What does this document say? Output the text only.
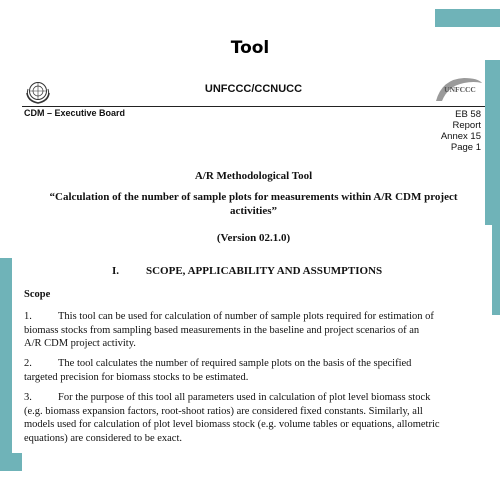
Tool
UNFCCC/CCNUCC	UNFCCC
CDM – Executive Board	EB 58
Report
Annex 15
Page 1
A/R Methodological Tool
“Calculation of the number of sample plots for measurements within A/R CDM project
activities”
(Version 02.1.0)
I. SCOPE, APPLICABILITY AND ASSUMPTIONS
Scope
1. This tool can be used for calculation of number of sample plots required for estimation of
biomass stocks from sampling based measurements in the baseline and project scenarios of an
A/R CDM project activity.
2. The tool calculates the number of required sample plots on the basis of the specified
targeted precision for biomass stocks to be estimated.
3. For the purpose of this tool all parameters used in calculation of plot level biomass stock
(e.g. biomass expansion factors, root-shoot ratios) are considered fixed constants. Similarly, all
models used for calculation of plot level biomass stock (e.g. volume tables or equations, allometric
equations) are considered to be exact.
